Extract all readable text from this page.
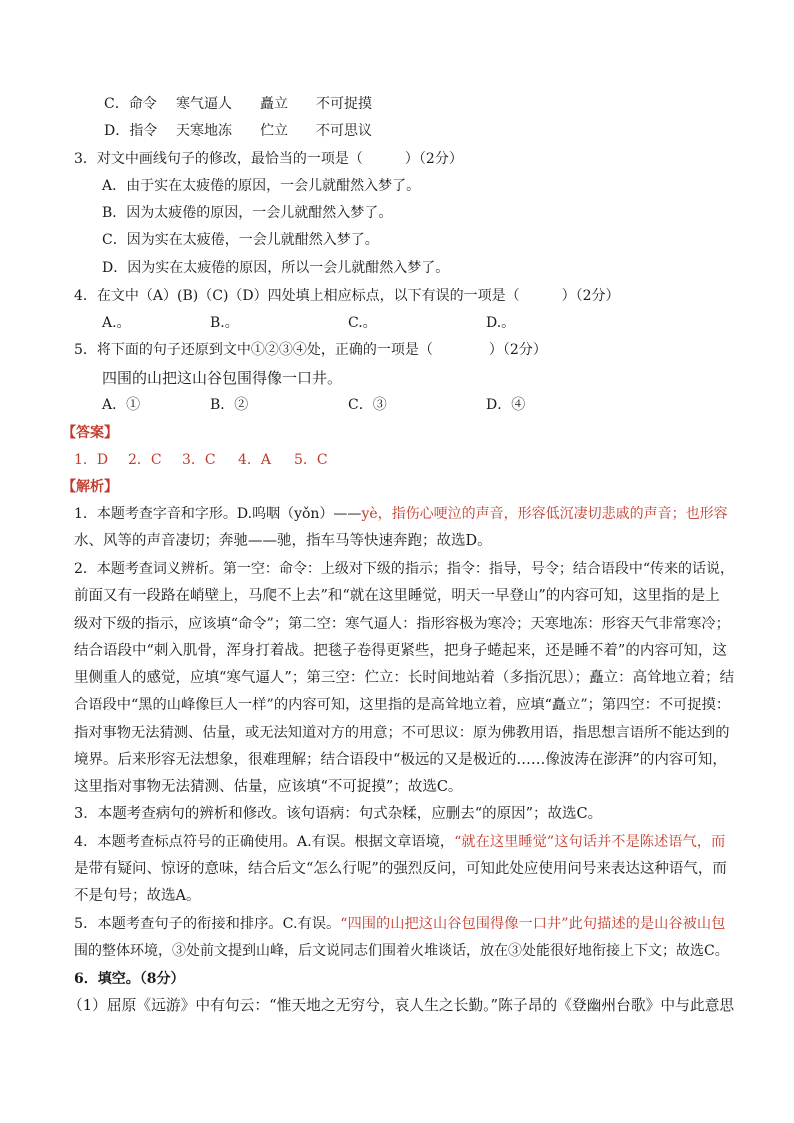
C．命令 寒气逼人 矗立 不可捉摸
D．指令 天寒地冻 伫立 不可思议
3．对文中画线句子的修改，最恰当的一项是（　　　）（2分）
A．由于实在太疲倦的原因，一会儿就酣然入梦了。
B．因为太疲倦的原因，一会儿就酣然入梦了。
C．因为实在太疲倦，一会儿就酣然入梦了。
D．因为实在太疲倦的原因，所以一会儿就酣然入梦了。
4．在文中（A）(B)（C)（D）四处填上相应标点，以下有误的一项是（　　　）（2分）
A.。	B.。	C.。	D.。
5．将下面的句子还原到文中①②③④处，正确的一项是（　　　　）（2分）
四围的山把这山谷包围得像一口井。
A．①	B．②	C．③	D．④
【答案】
1．D 2．C 3．C 4．A 5．C
【解析】
1．本题考查字音和字形。D.呜咽（yǒn）——yè，指伤心哽泣的声音，形容低沉凄切悲戚的声音；也形容
水、风等的声音凄切；奔驰——驰，指车马等快速奔跑；故选D。
2．本题考查词义辨析。第一空：命令：上级对下级的指示；指令：指导，号令；结合语段中“传来的话说，
前面又有一段路在峭壁上，马爬不上去”和“就在这里睡觉，明天一早登山”的内容可知，这里指的是上
级对下级的指示，应该填“命令”；第二空：寒气逼人：指形容极为寒冷；天寒地冻：形容天气非常寒冷；
结合语段中“刺入肌骨，浑身打着战。把毯子卷得更紧些，把身子蜷起来，还是睡不着”的内容可知，这
里侧重人的感觉，应填“寒气逼人”；第三空：伫立：长时间地站着（多指沉思）；矗立：高耸地立着；结
合语段中“黑的山峰像巨人一样”的内容可知，这里指的是高耸地立着，应填“矗立”；第四空：不可捉摸：
指对事物无法猜测、估量，或无法知道对方的用意；不可思议：原为佛教用语，指思想言语所不能达到的
境界。后来形容无法想象，很难理解；结合语段中“极远的又是极近的……像波涛在澎湃”的内容可知，
这里指对事物无法猜测、估量，应该填“不可捉摸”；故选C。
3．本题考查病句的辨析和修改。该句语病：句式杂糅，应删去“的原因”；故选C。
4．本题考查标点符号的正确使用。A.有误。根据文章语境，“就在这里睡觉”这句话并不是陈述语气，而
是带有疑问、惊讶的意味，结合后文“怎么行呢”的强烈反问，可知此处应使用问号来表达这种语气，而
不是句号；故选A。
5．本题考查句子的衔接和排序。C.有误。“四围的山把这山谷包围得像一口井”此句描述的是山谷被山包
围的整体环境，③处前文提到山峰，后文说同志们围着火堆谈话，放在③处能很好地衔接上下文；故选C。
6．填空。（8分）
（1）屈原《远游》中有句云：“惟天地之无穷兮，哀人生之长勤。”陈子昂的《登幽州台歌》中与此意思
